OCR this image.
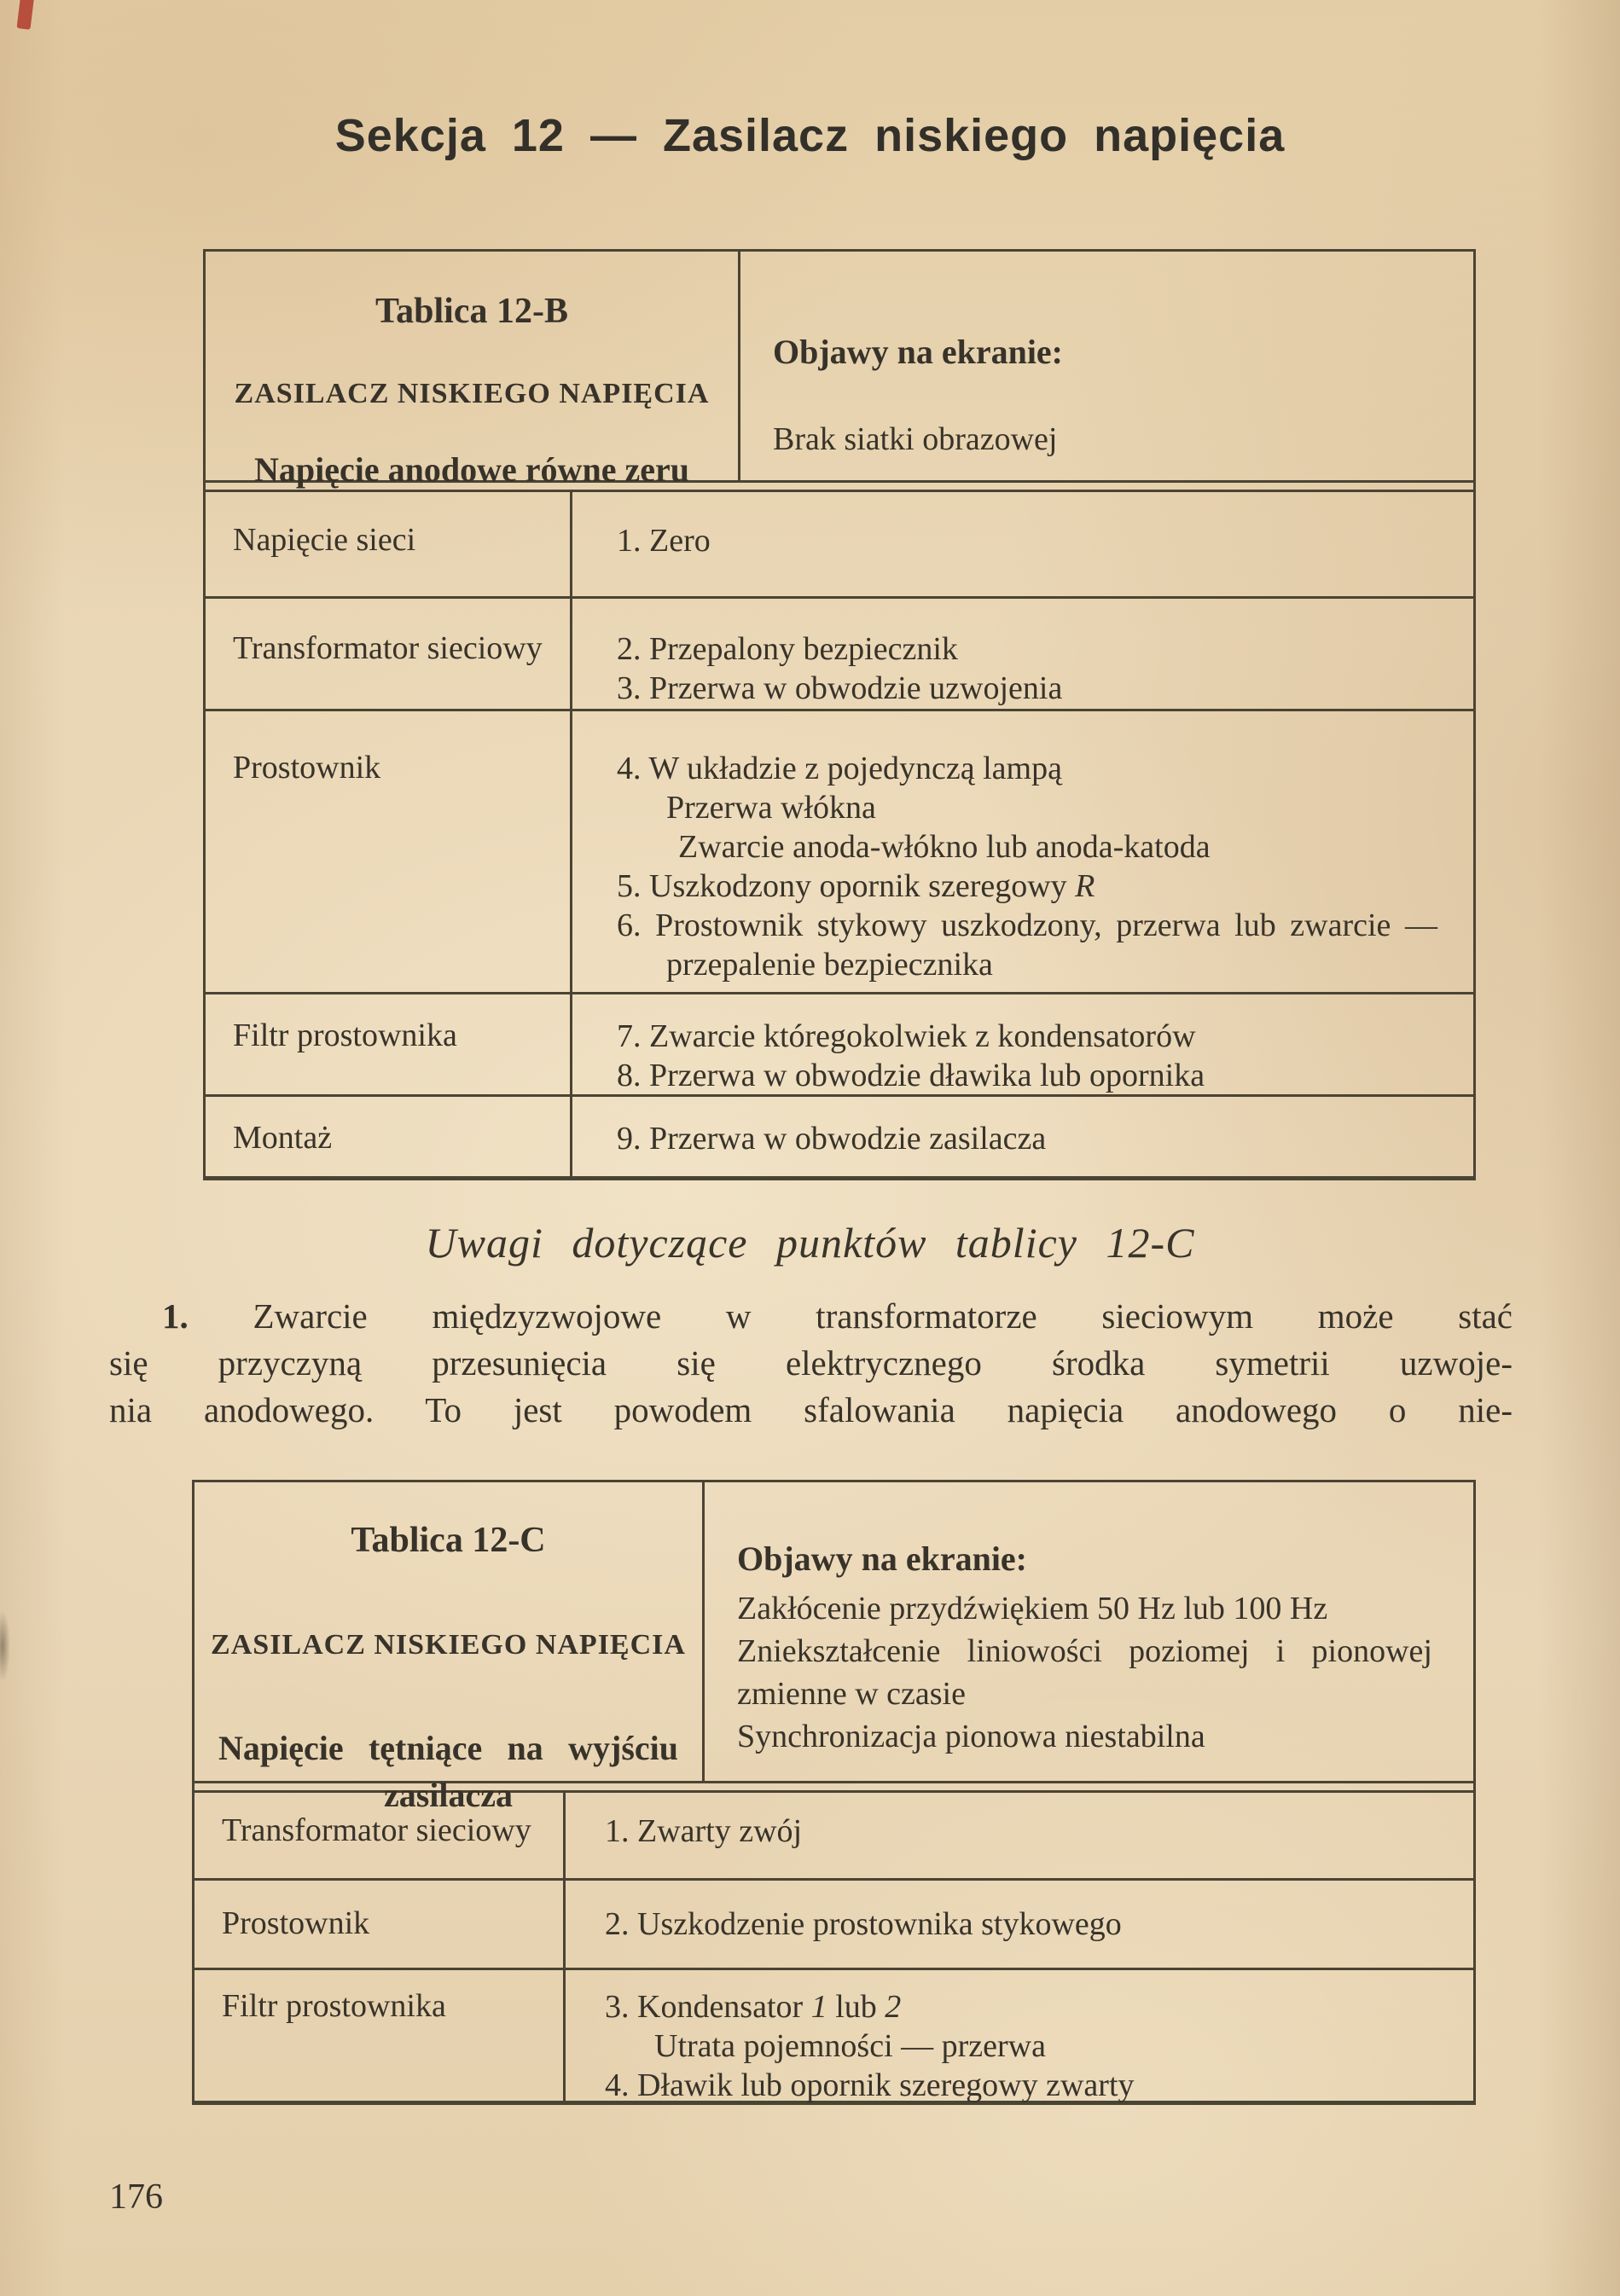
Sekcja 12 — Zasilacz niskiego napięcia
Tablica 12-B
ZASILACZ NISKIEGO NAPIĘCIA
Napięcie anodowe równe zeru
Objawy na ekranie:
Brak siatki obrazowej
Napięcie sieci	1. Zero
Transformator sieciowy	2. Przepalony bezpiecznik
3. Przerwa w obwodzie uzwojenia
Prostownik	4. W układzie z pojedynczą lampą
Przerwa włókna
Zwarcie anoda-włókno lub anoda-katoda
5. Uszkodzony opornik szeregowy R
6. Prostownik stykowy uszkodzony, przerwa lub zwarcie —
przepalenie bezpiecznika
Filtr prostownika	7. Zwarcie któregokolwiek z kondensatorów
8. Przerwa w obwodzie dławika lub opornika
Montaż	9. Przerwa w obwodzie zasilacza
Uwagi dotyczące punktów tablicy 12-C
1. Zwarcie międzyzwojowe w transformatorze sieciowym może stać
się przyczyną przesunięcia się elektrycznego środka symetrii uzwoje-
nia anodowego. To jest powodem sfalowania napięcia anodowego o nie-
Tablica 12-C
ZASILACZ NISKIEGO NAPIĘCIA
Napięcie tętniące na wyjściu
zasilacza
Objawy na ekranie:
Zakłócenie przydźwiękiem 50 Hz lub 100 Hz
Zniekształcenie liniowości poziomej i pionowej
zmienne w czasie
Synchronizacja pionowa niestabilna
Transformator sieciowy	1. Zwarty zwój
Prostownik	2. Uszkodzenie prostownika stykowego
Filtr prostownika	3. Kondensator 1 lub 2
Utrata pojemności — przerwa
4. Dławik lub opornik szeregowy zwarty
176
